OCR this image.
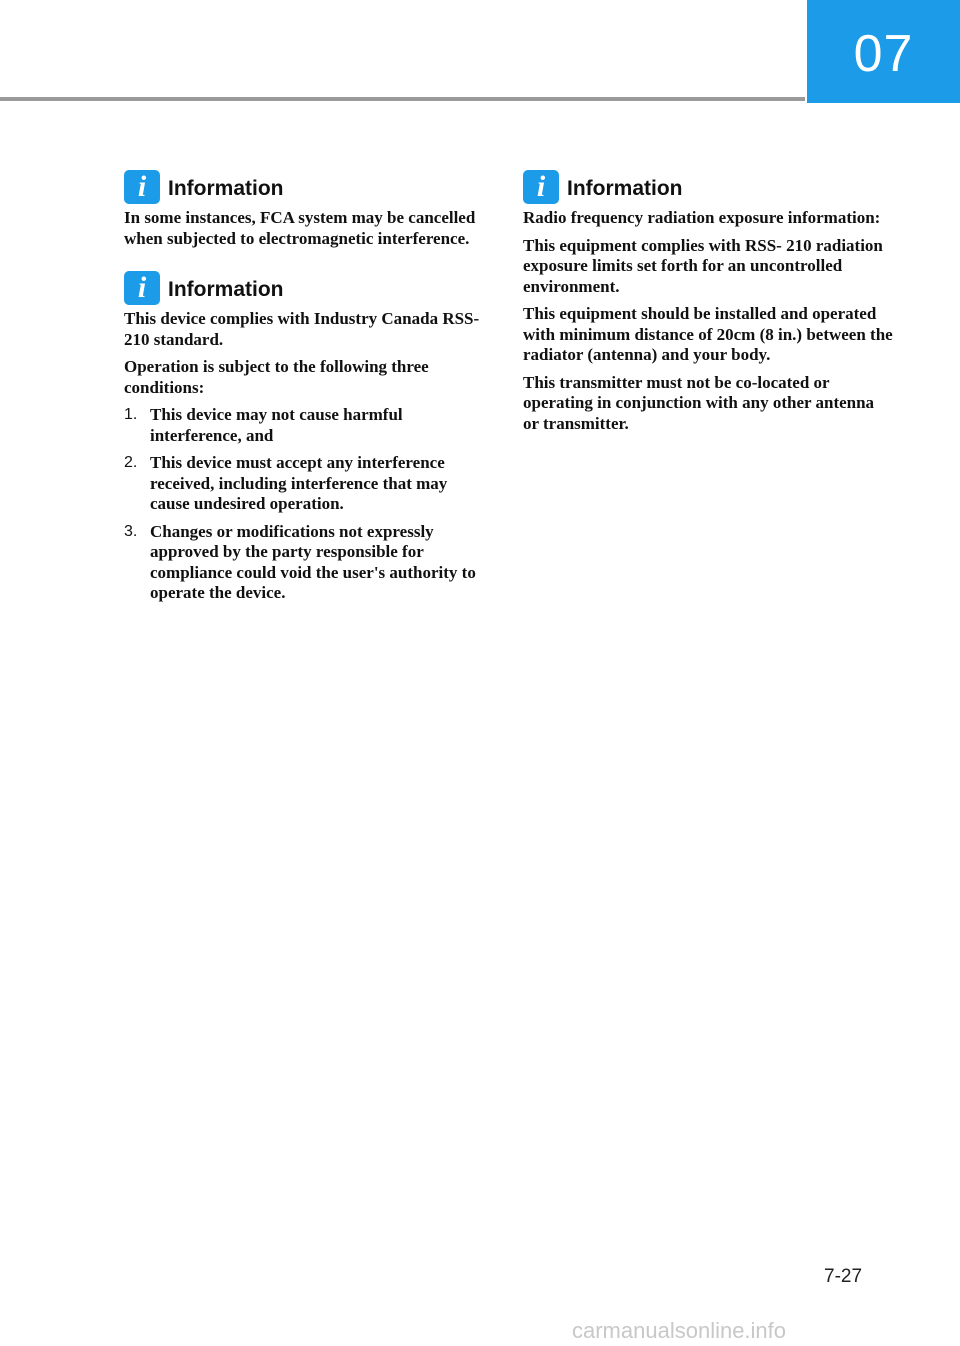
07
i Information

In some instances, FCA system may be cancelled when subjected to electromagnetic interference.

i Information

This device complies with Industry Canada RSS-210 standard.

Operation is subject to the following three conditions:

1. This device may not cause harmful interference, and
2. This device must accept any interference received, including interference that may cause undesired operation.
3. Changes or modifications not expressly approved by the party responsible for compliance could void the user's authority to operate the device.
i Information

Radio frequency radiation exposure information:

This equipment complies with RSS- 210 radiation exposure limits set forth for an uncontrolled environment.

This equipment should be installed and operated with minimum distance of 20cm (8 in.) between the radiator (antenna) and your body.

This transmitter must not be co-located or operating in conjunction with any other antenna or transmitter.

7-27
carmanualsonline.info
